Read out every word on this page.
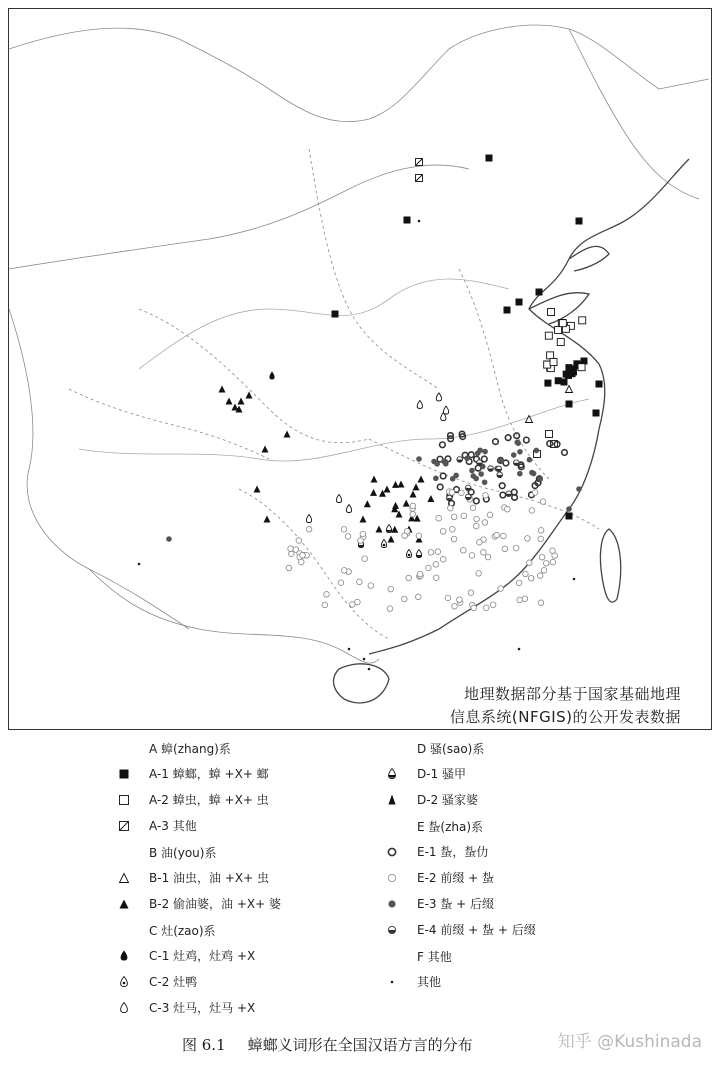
地理数据部分基于国家基础地理
信息系统(NFGIS)的公开发表数据
A 蟑(zhang)系
A-1 蟑螂，蟑 +X+ 螂
A-2 蟑虫，蟑 +X+ 虫
A-3 其他
B 油(you)系
B-1 油虫，油 +X+ 虫
B-2 偷油婆，油 +X+ 婆
C 灶(zao)系
C-1 灶鸡，灶鸡 +X
C-2 灶鸭
C-3 灶马，灶马 +X
D 骚(sao)系
D-1 骚甲
D-2 骚家婆
E 蚻(zha)系
E-1 蚻，蚻仂
E-2 前缀 + 蚻
E-3 蚻 + 后缀
E-4 前缀 + 蚻 + 后缀
F 其他
其他
图 6.1 蟑螂义词形在全国汉语方言的分布	知乎 @Kushinada
